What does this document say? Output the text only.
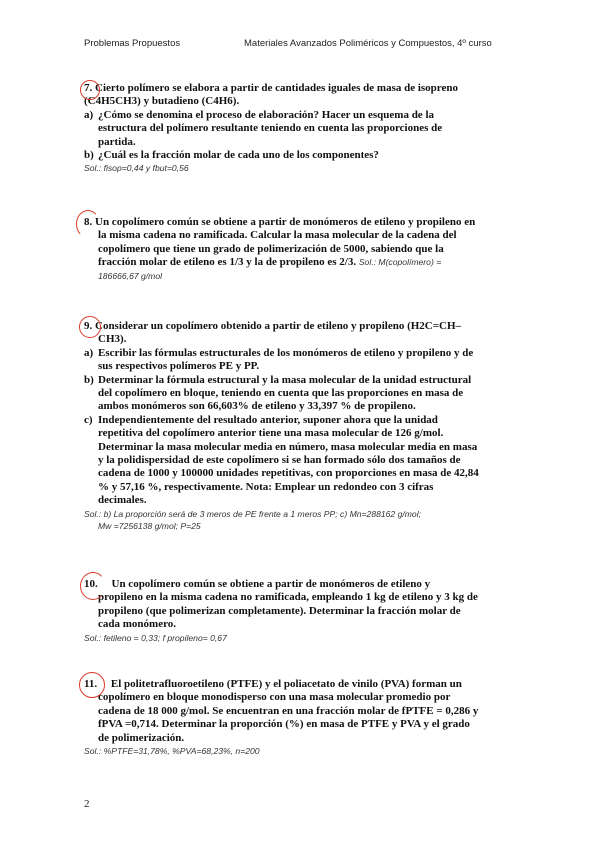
Problemas Propuestos	Materiales Avanzados Poliméricos y Compuestos, 4º curso
7. Cierto polímero se elabora a partir de cantidades iguales de masa de isopreno
(C4H5CH3) y butadieno (C4H6).
a) ¿Cómo se denomina el proceso de elaboración? Hacer un esquema de la
estructura del polímero resultante teniendo en cuenta las proporciones de
partida.
b) ¿Cuál es la fracción molar de cada uno de los componentes?
Sol.: fisop=0,44 y fbut=0,56
8. Un copolímero común se obtiene a partir de monómeros de etileno y propileno en
la misma cadena no ramificada. Calcular la masa molecular de la cadena del
copolímero que tiene un grado de polimerización de 5000, sabiendo que la
fracción molar de etileno es 1/3 y la de propileno es 2/3. Sol.: M(copolímero) =
186666,67 g/mol
9. Considerar un copolímero obtenido a partir de etileno y propileno (H2C=CH–
CH3).
a) Escribir las fórmulas estructurales de los monómeros de etileno y propileno y de
sus respectivos polímeros PE y PP.
b) Determinar la fórmula estructural y la masa molecular de la unidad estructural
del copolímero en bloque, teniendo en cuenta que las proporciones en masa de
ambos monómeros son 66,603% de etileno y 33,397 % de propileno.
c) Independientemente del resultado anterior, suponer ahora que la unidad
repetitiva del copolímero anterior tiene una masa molecular de 126 g/mol.
Determinar la masa molecular media en número, masa molecular media en masa
y la polidispersidad de este copolímero si se han formado sólo dos tamaños de
cadena de 1000 y 100000 unidades repetitivas, con proporciones en masa de 42,84
% y 57,16 %, respectivamente. Nota: Emplear un redondeo con 3 cifras
decimales.
Sol.: b) La proporción será de 3 meros de PE frente a 1 meros PP; c) Mn=288162 g/mol;
Mw =7256138 g/mol; P=25
10. Un copolímero común se obtiene a partir de monómeros de etileno y
propileno en la misma cadena no ramificada, empleando 1 kg de etileno y 3 kg de
propileno (que polimerizan completamente). Determinar la fracción molar de
cada monómero.
Sol.: fetileno = 0,33; f propileno= 0,67
11. El politetrafluoroetileno (PTFE) y el poliacetato de vinilo (PVA) forman un
copolímero en bloque monodisperso con una masa molecular promedio por
cadena de 18 000 g/mol. Se encuentran en una fracción molar de fPTFE = 0,286 y
fPVA =0,714. Determinar la proporción (%) en masa de PTFE y PVA y el grado
de polimerización.
Sol.: %PTFE=31,78%, %PVA=68,23%, n=200
2
